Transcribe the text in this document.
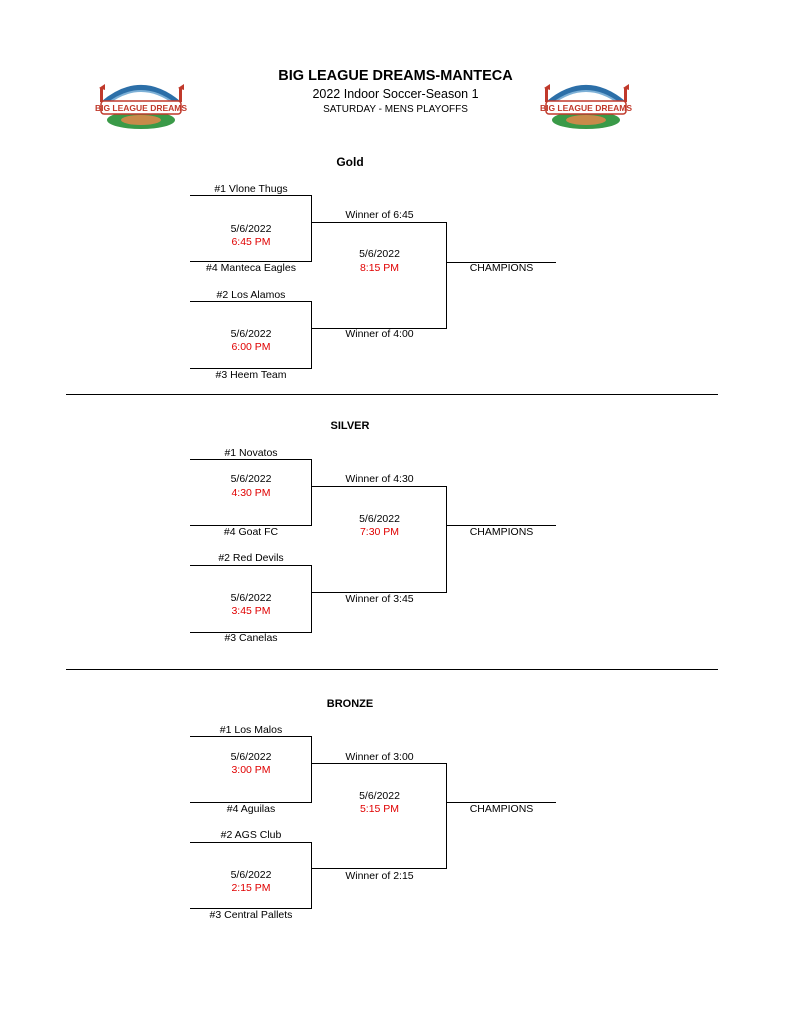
BIG LEAGUE DREAMS-MANTECA
2022 Indoor Soccer-Season 1
SATURDAY - MENS PLAYOFFS
BIG LEAGUE DREAMS	BIG LEAGUE DREAMS
Gold
#1 Vlone Thugs
5/6/2022
6:45 PM
#4 Manteca Eagles
#2 Los Alamos
5/6/2022
6:00 PM
#3 Heem Team
Winner of 6:45
5/6/2022
8:15 PM
Winner of 4:00
CHAMPIONS
SILVER
#1 Novatos
5/6/2022
4:30 PM
#4 Goat FC
#2 Red Devils
5/6/2022
3:45 PM
#3 Canelas
Winner of 4:30
5/6/2022
7:30 PM
Winner of 3:45
CHAMPIONS
BRONZE
#1 Los Malos
5/6/2022
3:00 PM
#4 Aguilas
#2 AGS Club
5/6/2022
2:15 PM
#3 Central Pallets
Winner of 3:00
5/6/2022
5:15 PM
Winner of 2:15
CHAMPIONS
